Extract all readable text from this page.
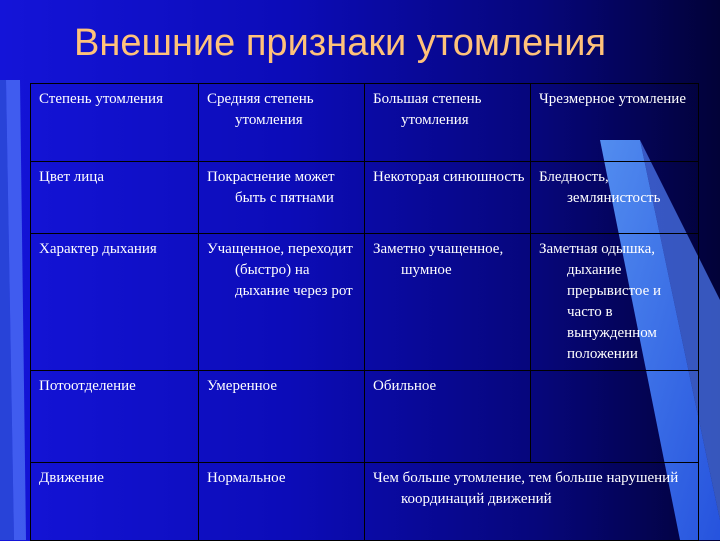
Внешние признаки утомления
Степень утомления	Средняя степень утомления	Большая степень утомления	Чрезмерное утомление

Цвет лица	Покраснение может быть с пятнами	Некоторая синюшность	Бледность, землянистость

Характер дыхания	Учащенное, переходит (быстро) на дыхание через рот	Заметно учащенное, шумное	Заметная одышка, дыхание прерывистое и часто в вынужденном положении

Потоотделение	Умеренное	Обильное	

Движение	Нормальное	Чем больше утомление, тем больше нарушений координаций движений	
